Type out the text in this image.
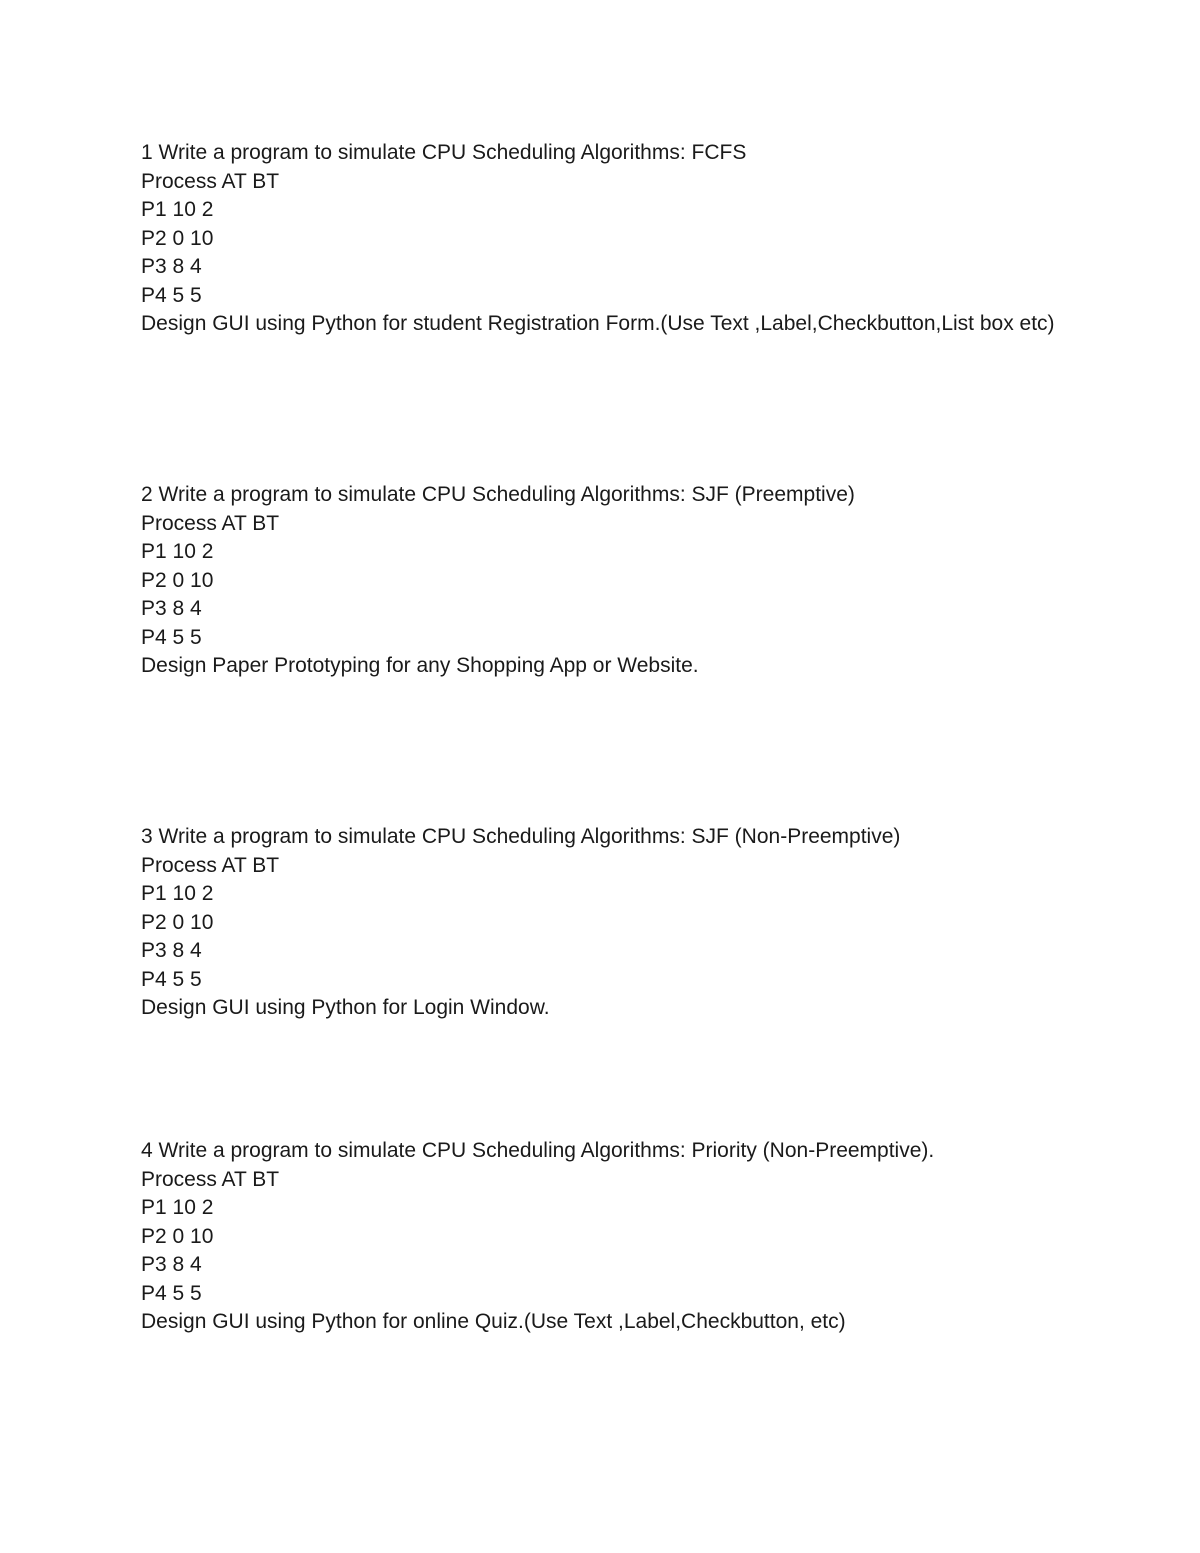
1 Write a program to simulate CPU Scheduling Algorithms: FCFS
Process AT BT
P1 10 2
P2 0 10
P3 8 4
P4 5 5
Design GUI using Python for student Registration Form.(Use Text ,Label,Checkbutton,List box etc)
2 Write a program to simulate CPU Scheduling Algorithms: SJF (Preemptive)
Process AT BT
P1 10 2
P2 0 10
P3 8 4
P4 5 5
Design Paper Prototyping for any Shopping App or Website.
3 Write a program to simulate CPU Scheduling Algorithms: SJF (Non-Preemptive)
Process AT BT
P1 10 2
P2 0 10
P3 8 4
P4 5 5
Design GUI using Python for Login Window.
4 Write a program to simulate CPU Scheduling Algorithms: Priority (Non-Preemptive).
Process AT BT
P1 10 2
P2 0 10
P3 8 4
P4 5 5
Design GUI using Python for online Quiz.(Use Text ,Label,Checkbutton, etc)
